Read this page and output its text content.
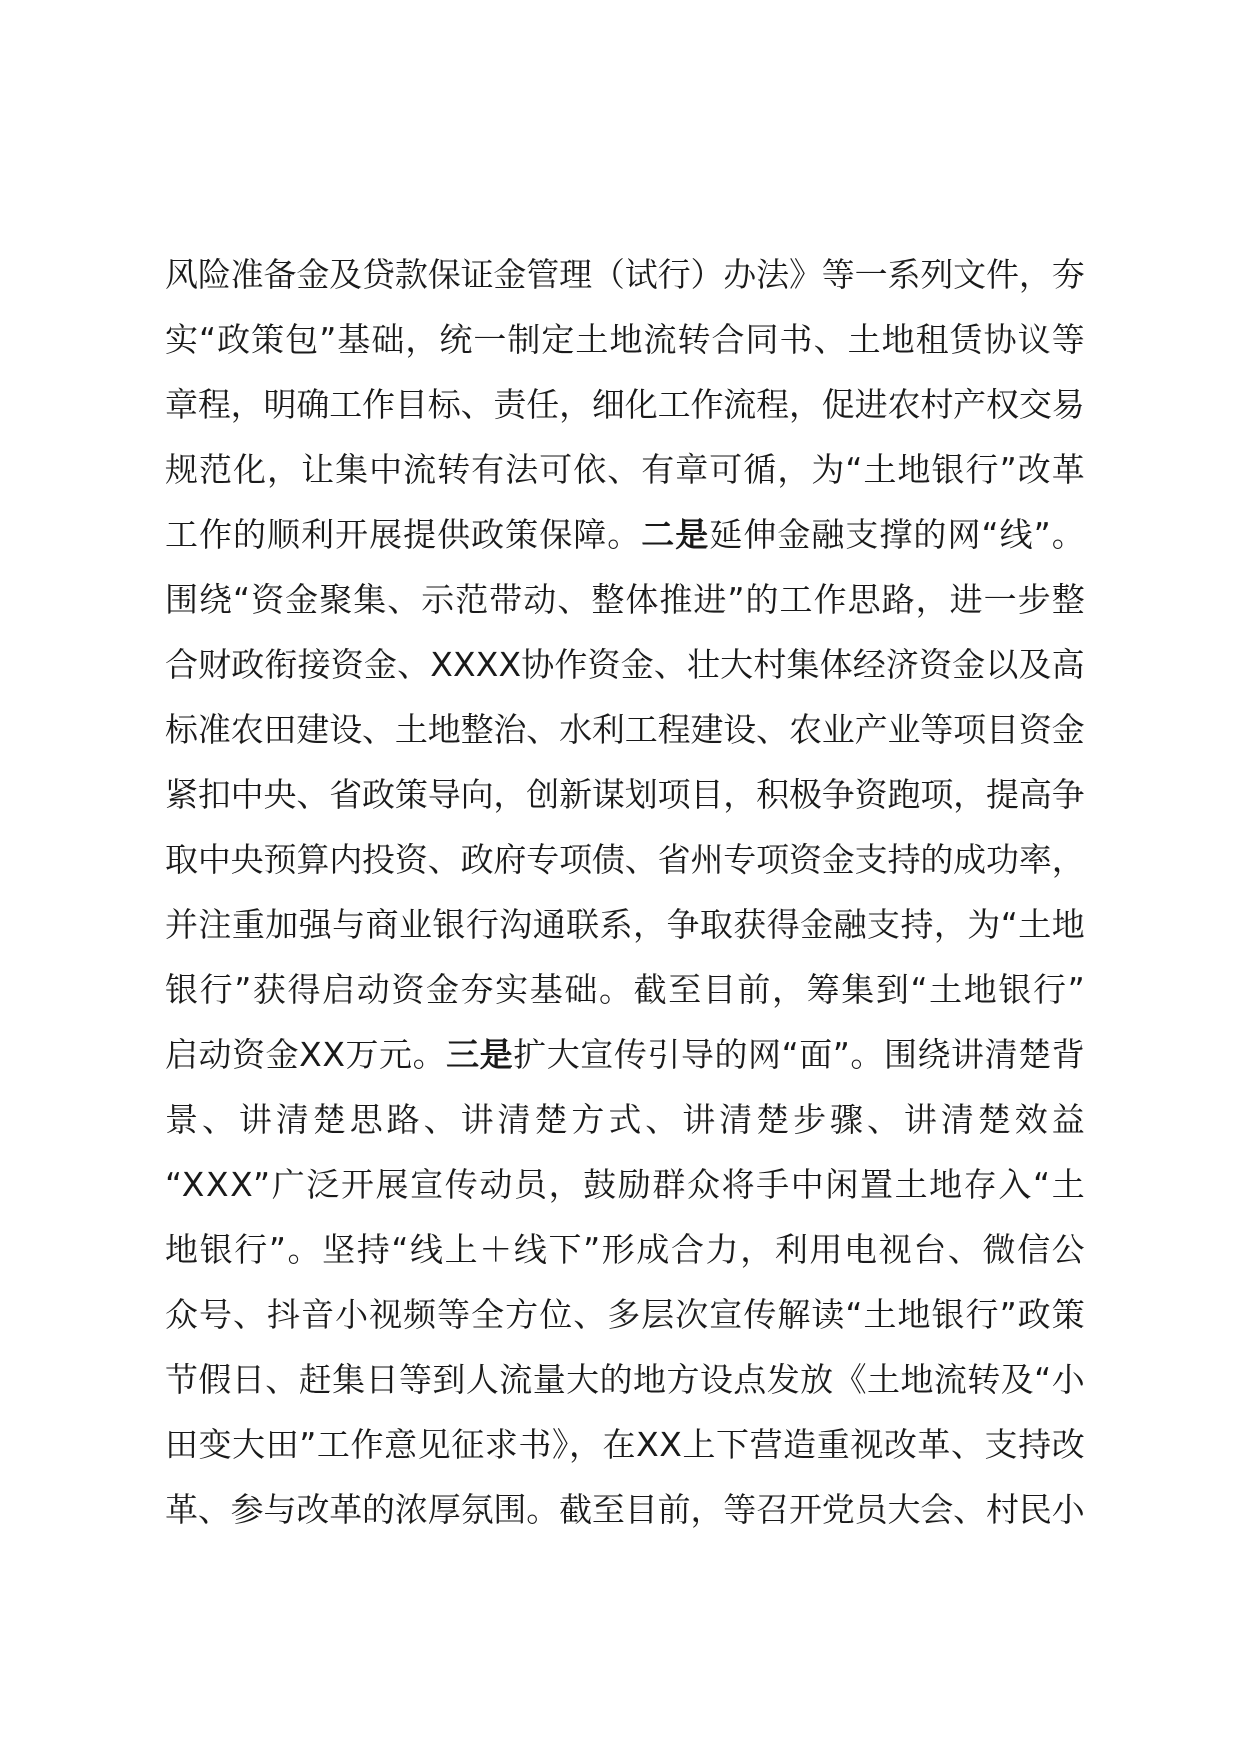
风险准备金及贷款保证金管理（试行）办法》等一系列文件，夯
实“政策包”基础，统一制定土地流转合同书、土地租赁协议等
章程，明确工作目标、责任，细化工作流程，促进农村产权交易
规范化，让集中流转有法可依、有章可循，为“土地银行”改革
工作的顺利开展提供政策保障。二是延伸金融支撑的网“线”。
围绕“资金聚集、示范带动、整体推进”的工作思路，进一步整
合财政衔接资金、XXXX协作资金、壮大村集体经济资金以及高
标准农田建设、土地整治、水利工程建设、农业产业等项目资金
紧扣中央、省政策导向，创新谋划项目，积极争资跑项，提高争
取中央预算内投资、政府专项债、省州专项资金支持的成功率，
并注重加强与商业银行沟通联系，争取获得金融支持，为“土地
银行”获得启动资金夯实基础。截至目前，筹集到“土地银行”
启动资金XX万元。三是扩大宣传引导的网“面”。围绕讲清楚背
景、讲清楚思路、讲清楚方式、讲清楚步骤、讲清楚效益
“XXX”广泛开展宣传动员，鼓励群众将手中闲置土地存入“土
地银行”。坚持“线上＋线下”形成合力，利用电视台、微信公
众号、抖音小视频等全方位、多层次宣传解读“土地银行”政策
节假日、赶集日等到人流量大的地方设点发放《土地流转及“小
田变大田”工作意见征求书》，在XX上下营造重视改革、支持改
革、参与改革的浓厚氛围。截至目前，等召开党员大会、村民小
